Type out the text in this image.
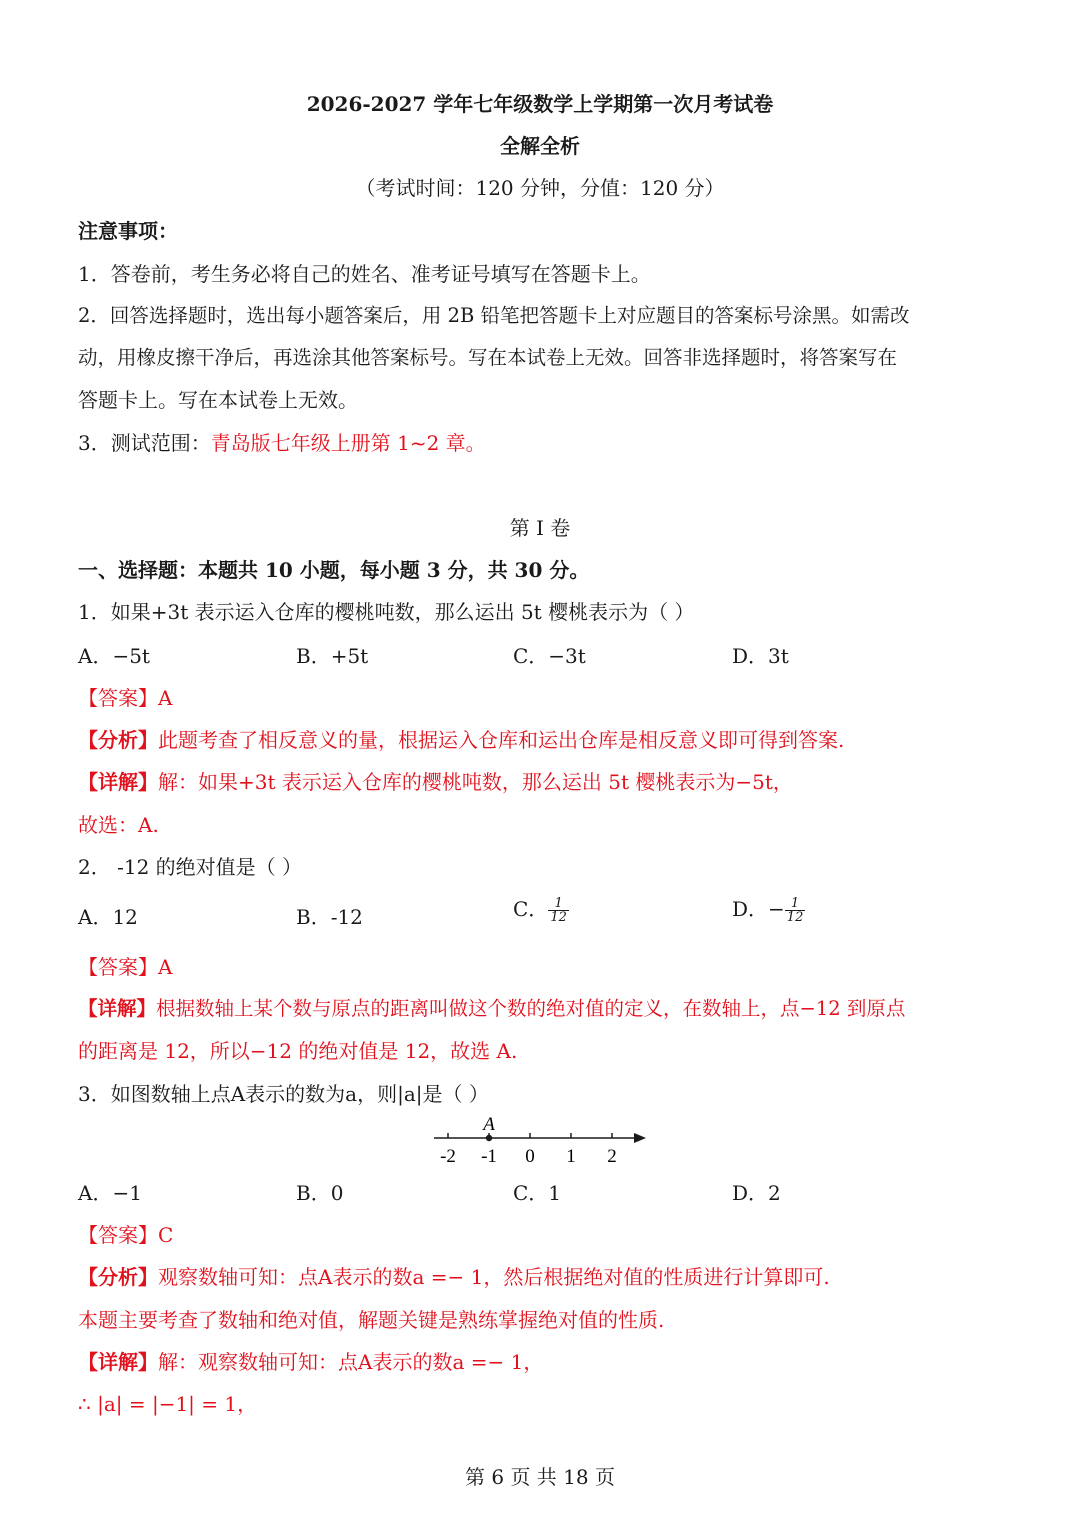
2026-2027 学年七年级数学上学期第一次月考试卷
全解全析
（考试时间：120 分钟，分值：120 分）
注意事项：
1．答卷前，考生务必将自己的姓名、准考证号填写在答题卡上。
2．回答选择题时，选出每小题答案后，用 2B 铅笔把答题卡上对应题目的答案标号涂黑。如需改
动，用橡皮擦干净后，再选涂其他答案标号。写在本试卷上无效。回答非选择题时，将答案写在
答题卡上。写在本试卷上无效。
3．测试范围：青岛版七年级上册第 1~2 章。
第 I 卷
一、选择题：本题共 10 小题，每小题 3 分，共 30 分。
1．如果+3t 表示运入仓库的樱桃吨数，那么运出 5t 樱桃表示为（ ）
A．−5t	B．+5t	C．−3t	D．3t
【答案】A
【分析】此题考查了相反意义的量，根据运入仓库和运出仓库是相反意义即可得到答案.
【详解】解：如果+3t 表示运入仓库的樱桃吨数，那么运出 5t 樱桃表示为−5t，
故选：A.
2． -12 的绝对值是（ ）
A．12	B．-12	C． $\frac{1}{12}$	D．− $\frac{1}{12}$
【答案】A
【详解】根据数轴上某个数与原点的距离叫做这个数的绝对值的定义，在数轴上，点−12 到原点
的距离是 12，所以−12 的绝对值是 12，故选 A.
3．如图数轴上点A表示的数为a，则|a|是（ ）
-2 -1 0 1 2
A
A．−1	B．0	C．1	D．2
【答案】C
【分析】观察数轴可知：点A表示的数a =− 1，然后根据绝对值的性质进行计算即可.
本题主要考查了数轴和绝对值，解题关键是熟练掌握绝对值的性质.
【详解】解：观察数轴可知：点A表示的数a =− 1，
∴ |a| = |−1| = 1，
第 6 页 共 18 页
